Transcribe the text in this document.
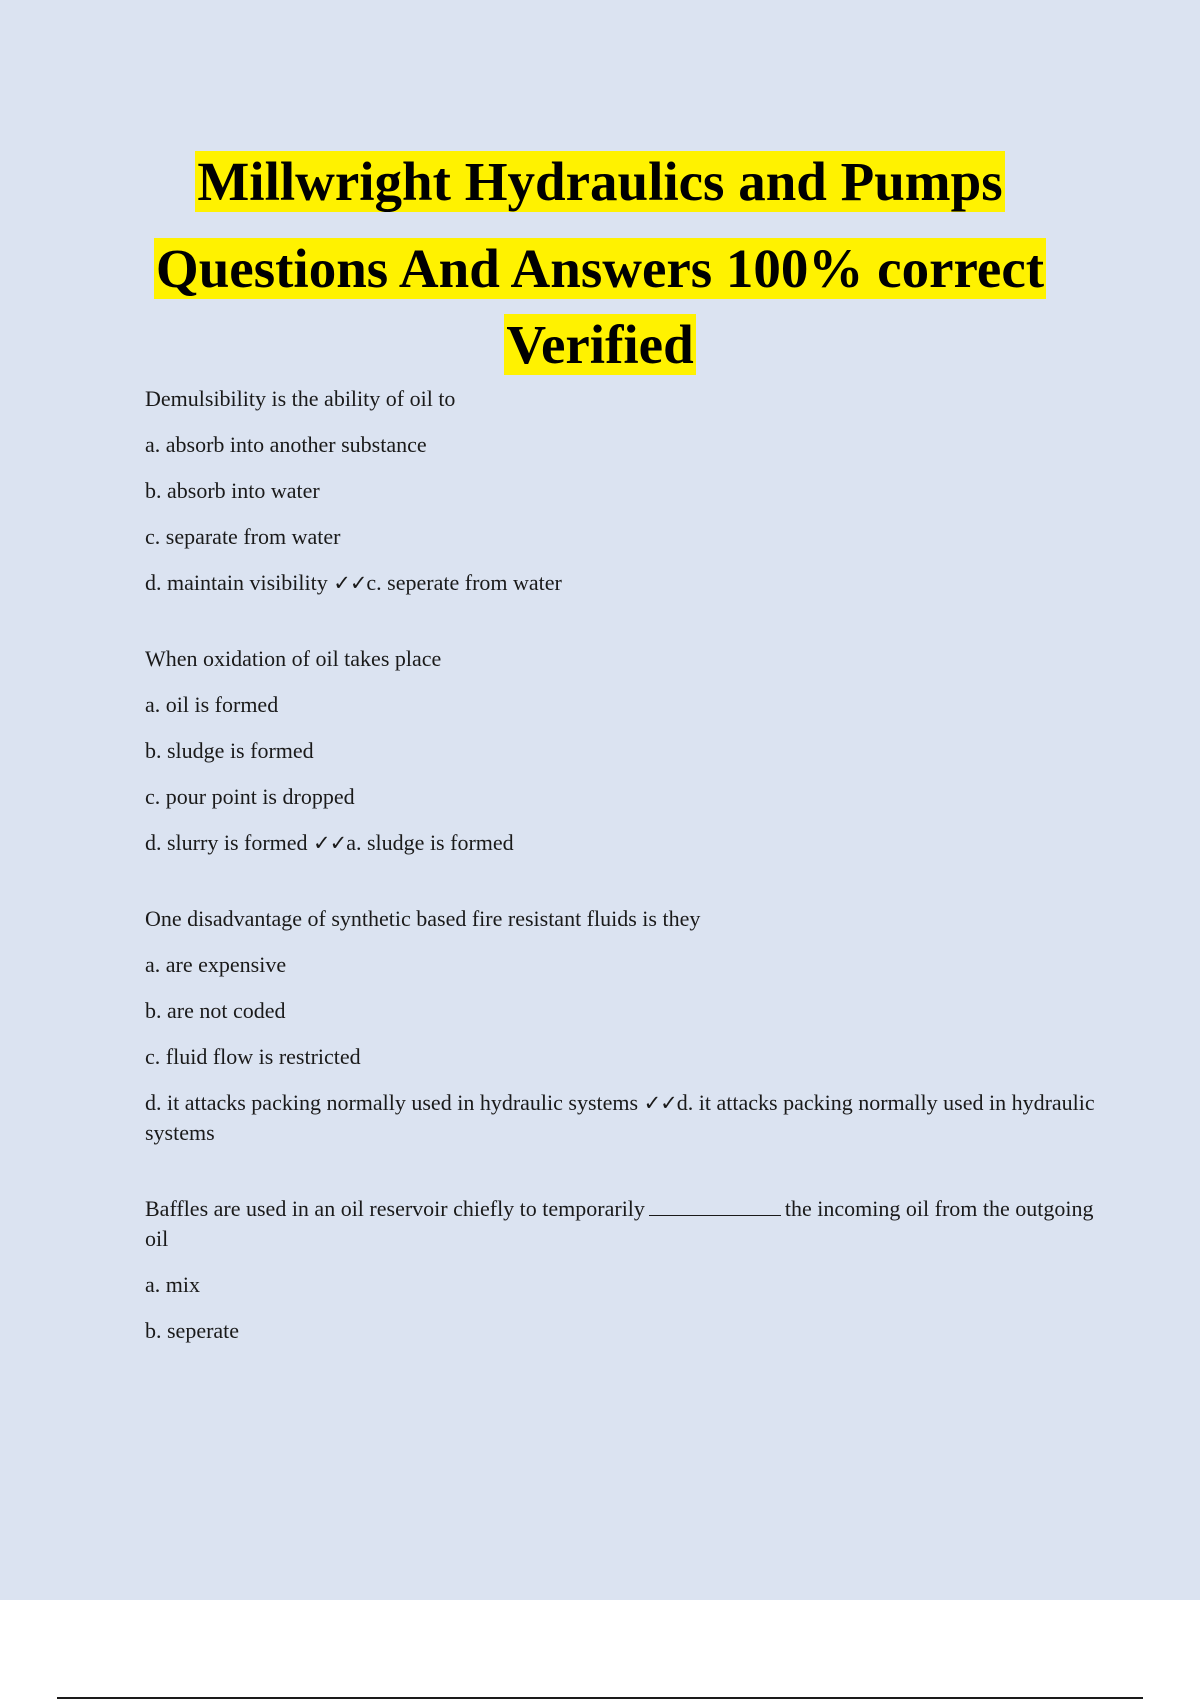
Millwright Hydraulics and Pumps
Questions And Answers 100% correct
Verified

Demulsibility is the ability of oil to

a. absorb into another substance

b. absorb into water

c. separate from water

d. maintain visibility ✓✓c. seperate from water

When oxidation of oil takes place

a. oil is formed

b. sludge is formed

c. pour point is dropped

d. slurry is formed ✓✓a. sludge is formed

One disadvantage of synthetic based fire resistant fluids is they

a. are expensive

b. are not coded

c. fluid flow is restricted

d. it attacks packing normally used in hydraulic systems ✓✓d. it attacks packing normally used in hydraulic systems

Baffles are used in an oil reservoir chiefly to temporarily	the incoming oil from the outgoing oil

a. mix

b. seperate
